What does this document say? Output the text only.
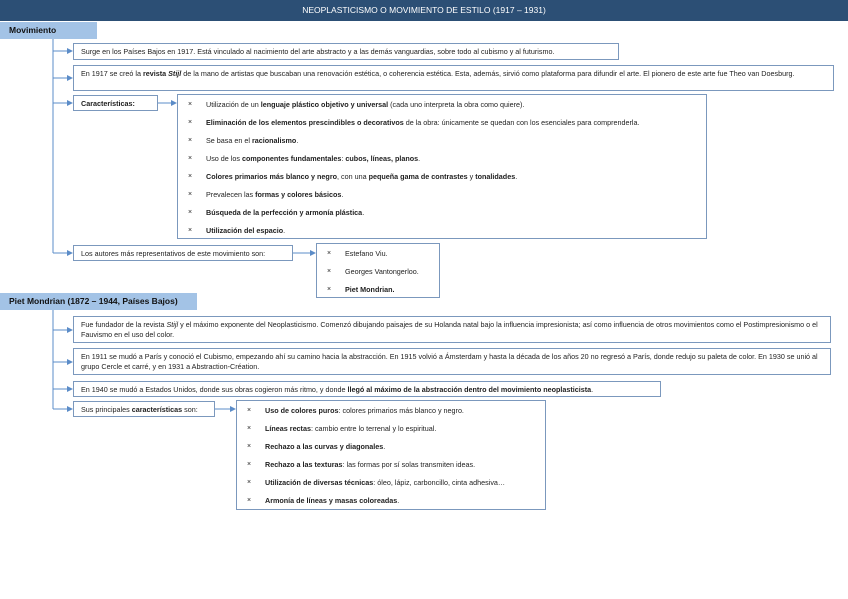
NEOPLASTICISMO O MOVIMIENTO DE ESTILO (1917 – 1931)
Movimiento
Surge en los Países Bajos en 1917. Está vinculado al nacimiento del arte abstracto y a las demás vanguardias, sobre todo al cubismo y al futurismo.
En 1917 se creó la revista Stijl de la mano de artistas que buscaban una renovación estética, o coherencia estética. Esta, además, sirvió como plataforma para difundir el arte. El pionero de este arte fue Theo van Doesburg.
Características:	× Utilización de un lenguaje plástico objetivo y universal (cada uno interpreta la obra como quiere).
× Eliminación de los elementos prescindibles o decorativos de la obra: únicamente se quedan con los esenciales para comprenderla.
× Se basa en el racionalismo.
× Uso de los componentes fundamentales: cubos, líneas, planos.
× Colores primarios más blanco y negro, con una pequeña gama de contrastes y tonalidades.
× Prevalecen las formas y colores básicos.
× Búsqueda de la perfección y armonía plástica.
× Utilización del espacio.
Los autores más representativos de este movimiento son:	× Estefano Viu.
× Georges Vantongerloo.
× Piet Mondrian.
Piet Mondrian (1872 – 1944, Países Bajos)
Fue fundador de la revista Stijl y el máximo exponente del Neoplasticismo. Comenzó dibujando paisajes de su Holanda natal bajo la influencia impresionista; así como influencia de otros movimientos como el Postimpresionismo o el Fauvismo en el uso del color.
En 1911 se mudó a París y conoció el Cubismo, empezando ahí su camino hacia la abstracción. En 1915 volvió a Ámsterdam y hasta la década de los años 20 no regresó a París, donde redujo su paleta de color. En 1930 se unió al grupo Cercle et carré, y en 1931 a Abstraction-Création.
En 1940 se mudó a Estados Unidos, donde sus obras cogieron más ritmo, y donde llegó al máximo de la abstracción dentro del movimiento neoplasticista.
Sus principales características son:	× Uso de colores puros: colores primarios más blanco y negro.
× Líneas rectas: cambio entre lo terrenal y lo espiritual.
× Rechazo a las curvas y diagonales.
× Rechazo a las texturas: las formas por sí solas transmiten ideas.
× Utilización de diversas técnicas: óleo, lápiz, carboncillo, cinta adhesiva…
× Armonía de líneas y masas coloreadas.
